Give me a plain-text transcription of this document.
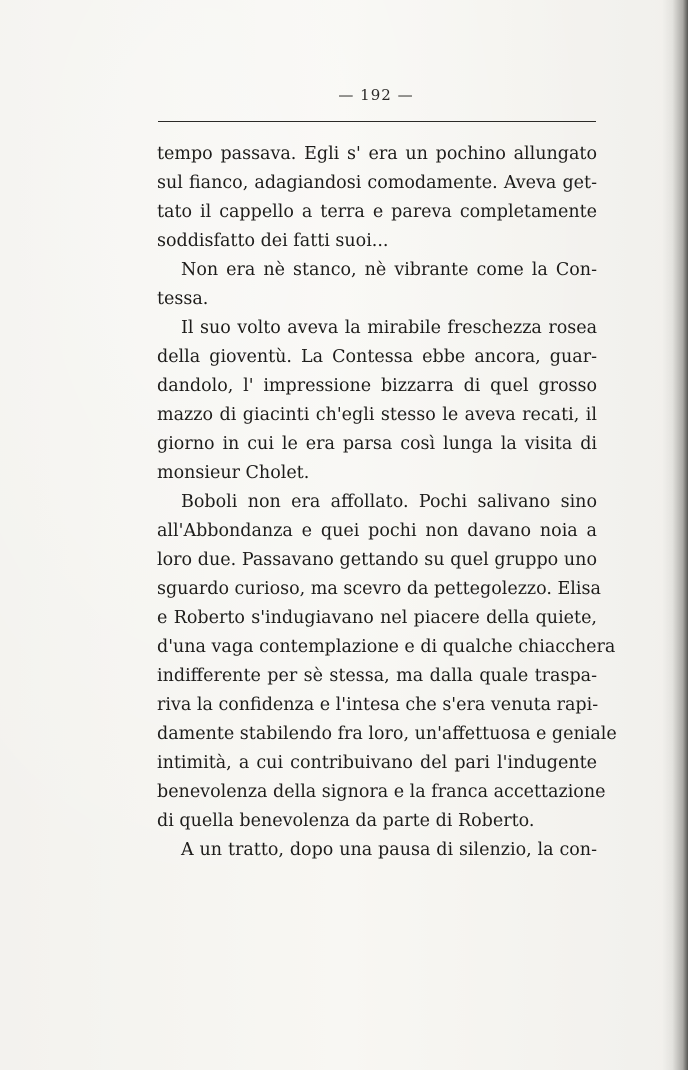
— 192 —
tempo passava. Egli s' era un pochino allungato
sul fianco, adagiandosi comodamente. Aveva get-
tato il cappello a terra e pareva completamente
soddisfatto dei fatti suoi...
Non era nè stanco, nè vibrante come la Con-
tessa.
Il suo volto aveva la mirabile freschezza rosea
della gioventù. La Contessa ebbe ancora, guar-
dandolo, l' impressione bizzarra di quel grosso
mazzo di giacinti ch'egli stesso le aveva recati, il
giorno in cui le era parsa così lunga la visita di
monsieur Cholet.
Boboli non era affollato. Pochi salivano sino
all'Abbondanza e quei pochi non davano noia a
loro due. Passavano gettando su quel gruppo uno
sguardo curioso, ma scevro da pettegolezzo. Elisa
e Roberto s'indugiavano nel piacere della quiete,
d'una vaga contemplazione e di qualche chiacchera
indifferente per sè stessa, ma dalla quale traspa-
riva la confidenza e l'intesa che s'era venuta rapi-
damente stabilendo fra loro, un'affettuosa e geniale
intimità, a cui contribuivano del pari l'indugente
benevolenza della signora e la franca accettazione
di quella benevolenza da parte di Roberto.
A un tratto, dopo una pausa di silenzio, la con-
